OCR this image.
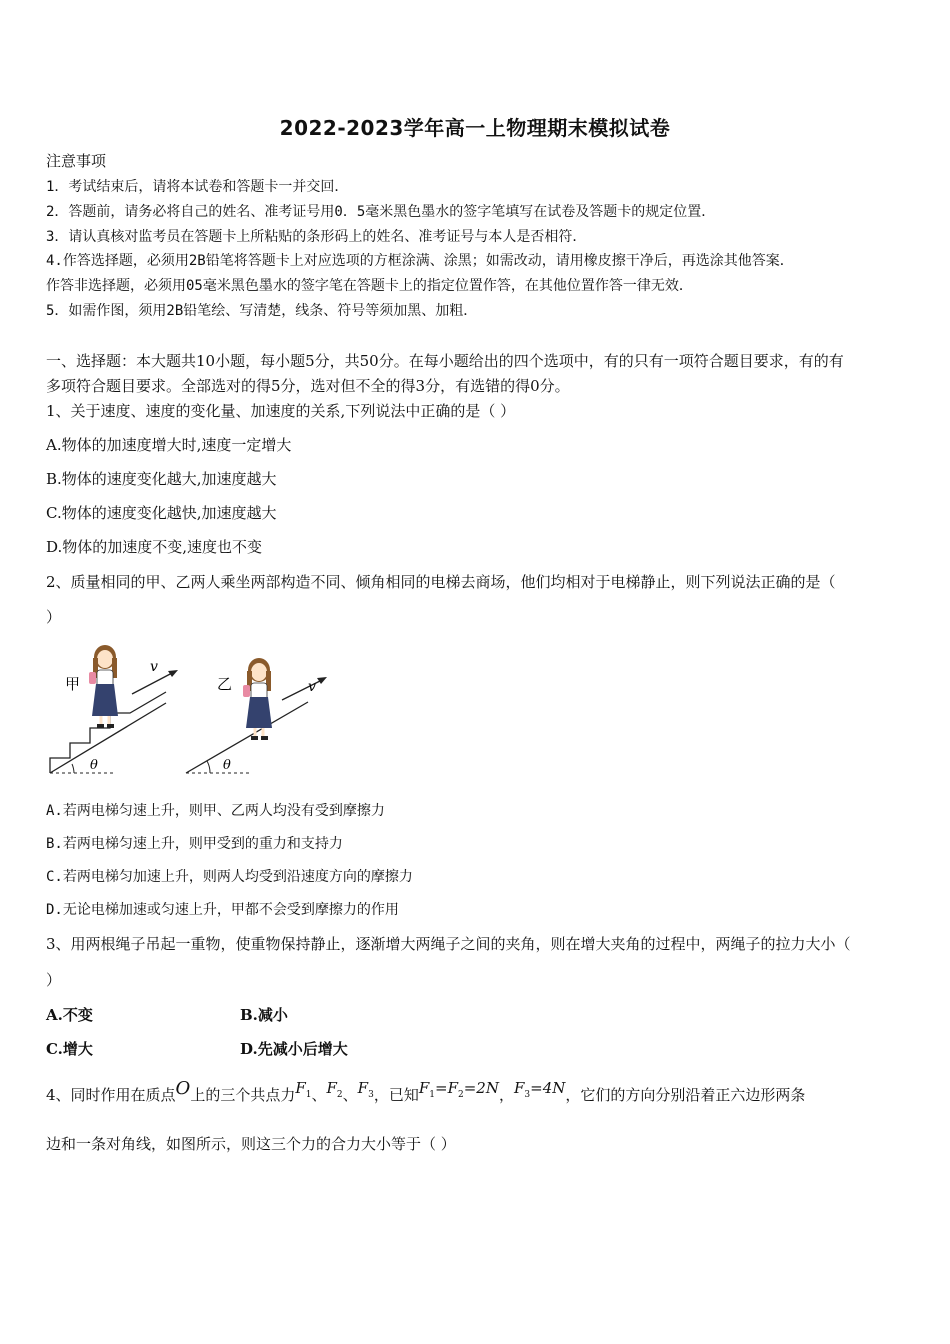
2022-2023学年高一上物理期末模拟试卷
注意事项
1．考试结束后，请将本试卷和答题卡一并交回．
2．答题前，请务必将自己的姓名、准考证号用0．5毫米黑色墨水的签字笔填写在试卷及答题卡的规定位置．
3．请认真核对监考员在答题卡上所粘贴的条形码上的姓名、准考证号与本人是否相符．
4.作答选择题，必须用2B铅笔将答题卡上对应选项的方框涂满、涂黑；如需改动，请用橡皮擦干净后，再选涂其他答案．
作答非选择题，必须用05毫米黑色墨水的签字笔在答题卡上的指定位置作答，在其他位置作答一律无效．
5．如需作图，须用2B铅笔绘、写清楚，线条、符号等须加黑、加粗．
一、选择题：本大题共10小题，每小题5分，共50分。在每小题给出的四个选项中，有的只有一项符合题目要求，有的有
多项符合题目要求。全部选对的得5分，选对但不全的得3分，有选错的得0分。
1、关于速度、速度的变化量、加速度的关系,下列说法中正确的是（ ）
A.物体的加速度增大时,速度一定增大
B.物体的速度变化越大,加速度越大
C.物体的速度变化越快,加速度越大
D.物体的加速度不变,速度也不变
2、质量相同的甲、乙两人乘坐两部构造不同、倾角相同的电梯去商场，他们均相对于电梯静止，则下列说法正确的是（
）
甲
θ
v
乙
θ
v
A.若两电梯匀速上升，则甲、乙两人均没有受到摩擦力
B.若两电梯匀速上升，则甲受到的重力和支持力
C.若两电梯匀加速上升，则两人均受到沿速度方向的摩擦力
D.无论电梯加速或匀速上升，甲都不会受到摩擦力的作用
3、用两根绳子吊起一重物，使重物保持静止，逐渐增大两绳子之间的夹角，则在增大夹角的过程中，两绳子的拉力大小（
）
A.不变	B.减小
C.增大	D.先减小后增大
4、同时作用在质点O上的三个共点力$F_1$、$F_2$、$F_3$，已知$F_1=F_2=2N$，$F_3=4N$，它们的方向分别沿着正六边形两条
边和一条对角线，如图所示，则这三个力的合力大小等于（ ）
